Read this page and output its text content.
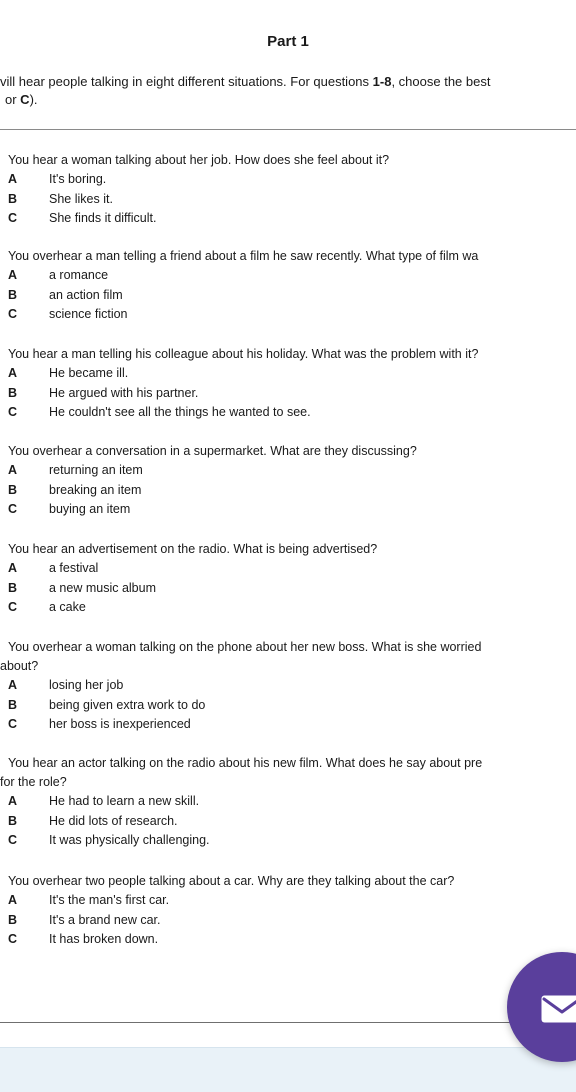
Part 1
vill hear people talking in eight different situations. For questions 1-8, choose the best
or C).
You hear a woman talking about her job. How does she feel about it?
A	It's boring.
B	She likes it.
C	She finds it difficult.
You overhear a man telling a friend about a film he saw recently. What type of film wa
A	a romance
B	an action film
C	science fiction
You hear a man telling his colleague about his holiday. What was the problem with it?
A	He became ill.
B	He argued with his partner.
C	He couldn't see all the things he wanted to see.
You overhear a conversation in a supermarket. What are they discussing?
A	returning an item
B	breaking an item
C	buying an item
You hear an advertisement on the radio. What is being advertised?
A	a festival
B	a new music album
C	a cake
You overhear a woman talking on the phone about her new boss. What is she worried
about?
A	losing her job
B	being given extra work to do
C	her boss is inexperienced
You hear an actor talking on the radio about his new film. What does he say about pre
for the role?
A	He had to learn a new skill.
B	He did lots of research.
C	It was physically challenging.
You overhear two people talking about a car. Why are they talking about the car?
A	It's the man's first car.
B	It's a brand new car.
C	It has broken down.
